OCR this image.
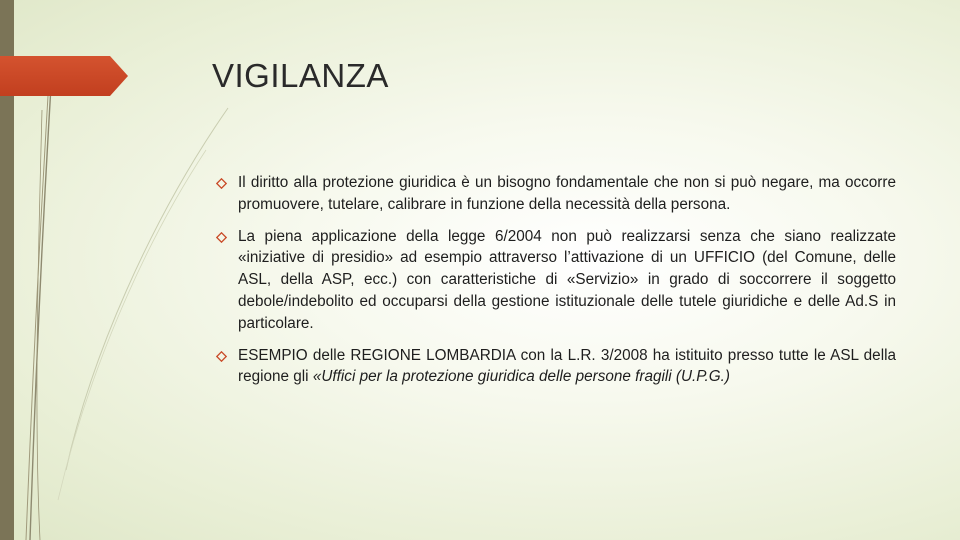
VIGILANZA
Il diritto alla protezione giuridica è un bisogno fondamentale che non si può negare, ma occorre promuovere, tutelare, calibrare in funzione della necessità della persona.
La piena applicazione della legge 6/2004 non può realizzarsi senza che siano realizzate «iniziative di presidio» ad esempio attraverso l’attivazione di un UFFICIO (del Comune, delle ASL, della ASP, ecc.) con caratteristiche di «Servizio» in grado di soccorrere il soggetto debole/indebolito ed occuparsi della gestione istituzionale delle tutele giuridiche e delle Ad.S in particolare.
ESEMPIO delle REGIONE LOMBARDIA con la L.R. 3/2008 ha istituito presso tutte le ASL della regione gli «Uffici per la protezione giuridica delle persone fragili (U.P.G.)
